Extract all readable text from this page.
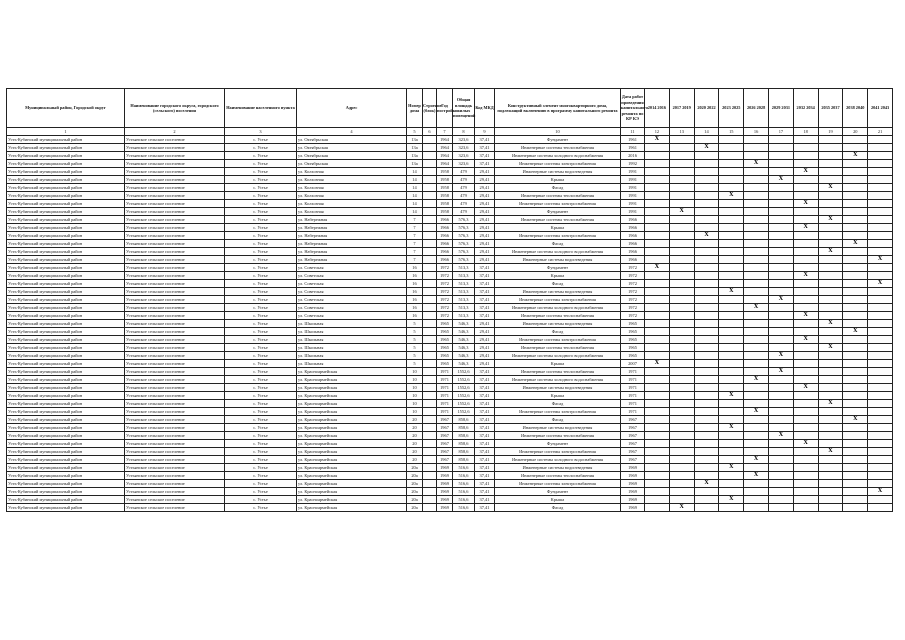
Муниципальный район, Городской округ	Наименование городского округа, городского (сельского) поселения	Наименование населенного пункта	Адрес	Номер дома	Строение (блок)	Год постройки	Общая площадь жилых помещений	Код МКД	Конструктивный элемент многоквартирного дома, подлежащий включению в программу капитального ремонта	Дата работ проведения капитального ремонта по КР КЭ	2014 2016	2017 2019	2020 2022	2023 2025	2026 2028	2029 2031	2032 2034	2035 2037	2038 2040	2041 2043
1	2	3	4	5	6	7	8	9	10	11	12	13	14	15	16	17	18	19	20	21
Усть-Кубинский муниципальный район	Устьянское сельское поселение	с. Устье	ул. Октябрьская	13а		1964	323,6	37,41	Фундамент	1961	X									
Усть-Кубинский муниципальный район	Устьянское сельское поселение	с. Устье	ул. Октябрьская	13а		1964	323,6	37,41	Инженерные системы теплоснабжения	1961			X							
Усть-Кубинский муниципальный район	Устьянское сельское поселение	с. Устье	ул. Октябрьская	13а		1964	323,6	37,41	Инженерные системы холодного водоснабжения	2016									X	
Усть-Кубинский муниципальный район	Устьянское сельское поселение	с. Устье	ул. Октябрьская	13а		1964	323,6	37,41	Инженерные системы электроснабжения	1992					X					
Усть-Кубинский муниципальный район	Устьянское сельское поселение	с. Устье	ул. Колхозная	14		1958	479	29,41	Инженерные системы водоотведения	1991							X			
Усть-Кубинский муниципальный район	Устьянское сельское поселение	с. Устье	ул. Колхозная	14		1958	479	29,41	Крыша	1991						X				
Усть-Кубинский муниципальный район	Устьянское сельское поселение	с. Устье	ул. Колхозная	14		1958	479	29,41	Фасад	1991								X		
Усть-Кубинский муниципальный район	Устьянское сельское поселение	с. Устье	ул. Колхозная	14		1958	479	29,41	Инженерные системы теплоснабжения	1991				X						
Усть-Кубинский муниципальный район	Устьянское сельское поселение	с. Устье	ул. Колхозная	14		1958	479	29,41	Инженерные системы электроснабжения	1991							X			
Усть-Кубинский муниципальный район	Устьянское сельское поселение	с. Устье	ул. Колхозная	14		1958	479	29,41	Фундамент	1991		X								
Усть-Кубинский муниципальный район	Устьянское сельское поселение	с. Устье	ул. Набережная	7		1966	576,3	29,41	Инженерные системы теплоснабжения	1966								X		
Усть-Кубинский муниципальный район	Устьянское сельское поселение	с. Устье	ул. Набережная	7		1966	576,3	29,41	Крыша	1966							X			
Усть-Кубинский муниципальный район	Устьянское сельское поселение	с. Устье	ул. Набережная	7		1966	576,3	29,41	Инженерные системы электроснабжения	1966			X							
Усть-Кубинский муниципальный район	Устьянское сельское поселение	с. Устье	ул. Набережная	7		1966	576,3	29,41	Фасад	1966									X	
Усть-Кубинский муниципальный район	Устьянское сельское поселение	с. Устье	ул. Набережная	7		1966	576,3	29,41	Инженерные системы холодного водоснабжения	1966								X		
Усть-Кубинский муниципальный район	Устьянское сельское поселение	с. Устье	ул. Набережная	7		1966	576,3	29,41	Инженерные системы водоотведения	1966										X
Усть-Кубинский муниципальный район	Устьянское сельское поселение	с. Устье	ул. Советская	16		1972	513,3	37,41	Фундамент	1972	X									
Усть-Кубинский муниципальный район	Устьянское сельское поселение	с. Устье	ул. Советская	16		1972	513,3	37,41	Крыша	1972							X			
Усть-Кубинский муниципальный район	Устьянское сельское поселение	с. Устье	ул. Советская	16		1972	513,3	37,41	Фасад	1972										X
Усть-Кубинский муниципальный район	Устьянское сельское поселение	с. Устье	ул. Советская	16		1972	513,3	37,41	Инженерные системы водоотведения	1972				X						
Усть-Кубинский муниципальный район	Устьянское сельское поселение	с. Устье	ул. Советская	16		1972	513,3	37,41	Инженерные системы электроснабжения	1972						X				
Усть-Кубинский муниципальный район	Устьянское сельское поселение	с. Устье	ул. Советская	16		1972	513,3	37,41	Инженерные системы холодного водоснабжения	1972					X					
Усть-Кубинский муниципальный район	Устьянское сельское поселение	с. Устье	ул. Советская	16		1972	513,3	37,41	Инженерные системы теплоснабжения	1972							X			
Усть-Кубинский муниципальный район	Устьянское сельское поселение	с. Устье	ул. Школьная	5		1965	546,3	29,41	Инженерные системы водоотведения	1965								X		
Усть-Кубинский муниципальный район	Устьянское сельское поселение	с. Устье	ул. Школьная	5		1965	546,3	29,41	Фасад	1965									X	
Усть-Кубинский муниципальный район	Устьянское сельское поселение	с. Устье	ул. Школьная	5		1965	546,3	29,41	Инженерные системы электроснабжения	1965							X			
Усть-Кубинский муниципальный район	Устьянское сельское поселение	с. Устье	ул. Школьная	5		1965	546,3	29,41	Инженерные системы теплоснабжения	1965								X		
Усть-Кубинский муниципальный район	Устьянское сельское поселение	с. Устье	ул. Школьная	5		1965	546,3	29,41	Инженерные системы холодного водоснабжения	1965						X				
Усть-Кубинский муниципальный район	Устьянское сельское поселение	с. Устье	ул. Школьная	5		1965	546,3	29,41	Крыша	2007	X									
Усть-Кубинский муниципальный район	Устьянское сельское поселение	с. Устье	ул. Красноармейская	10		1971	1552,6	37,41	Инженерные системы теплоснабжения	1971						X				
Усть-Кубинский муниципальный район	Устьянское сельское поселение	с. Устье	ул. Красноармейская	10		1971	1552,6	37,41	Инженерные системы холодного водоснабжения	1971					X					
Усть-Кубинский муниципальный район	Устьянское сельское поселение	с. Устье	ул. Красноармейская	10		1971	1552,6	37,41	Инженерные системы водоотведения	1971							X			
Усть-Кубинский муниципальный район	Устьянское сельское поселение	с. Устье	ул. Красноармейская	10		1971	1552,6	37,41	Крыша	1971				X						
Усть-Кубинский муниципальный район	Устьянское сельское поселение	с. Устье	ул. Красноармейская	10		1971	1552,6	37,41	Фасад	1971								X		
Усть-Кубинский муниципальный район	Устьянское сельское поселение	с. Устье	ул. Красноармейская	10		1971	1552,6	37,41	Инженерные системы электроснабжения	1971					X					
Усть-Кубинский муниципальный район	Устьянское сельское поселение	с. Устье	ул. Красноармейская	20		1967	858,6	37,41	Фасад	1967									X	
Усть-Кубинский муниципальный район	Устьянское сельское поселение	с. Устье	ул. Красноармейская	20		1967	858,6	37,41	Инженерные системы водоотведения	1967				X						
Усть-Кубинский муниципальный район	Устьянское сельское поселение	с. Устье	ул. Красноармейская	20		1967	858,6	37,41	Инженерные системы теплоснабжения	1967						X				
Усть-Кубинский муниципальный район	Устьянское сельское поселение	с. Устье	ул. Красноармейская	20		1967	858,6	37,41	Фундамент	1967							X			
Усть-Кубинский муниципальный район	Устьянское сельское поселение	с. Устье	ул. Красноармейская	20		1967	858,6	37,41	Инженерные системы электроснабжения	1967								X		
Усть-Кубинский муниципальный район	Устьянское сельское поселение	с. Устье	ул. Красноармейская	20		1967	858,6	37,41	Инженерные системы холодного водоснабжения	1967					X					
Усть-Кубинский муниципальный район	Устьянское сельское поселение	с. Устье	ул. Красноармейская	20а		1969	516,6	37,41	Инженерные системы водоотведения	1969				X						
Усть-Кубинский муниципальный район	Устьянское сельское поселение	с. Устье	ул. Красноармейская	20а		1969	516,6	37,41	Инженерные системы теплоснабжения	1969					X					
Усть-Кубинский муниципальный район	Устьянское сельское поселение	с. Устье	ул. Красноармейская	20а		1969	516,6	37,41	Инженерные системы электроснабжения	1969			X							
Усть-Кубинский муниципальный район	Устьянское сельское поселение	с. Устье	ул. Красноармейская	20а		1969	516,6	37,41	Фундамент	1969										X
Усть-Кубинский муниципальный район	Устьянское сельское поселение	с. Устье	ул. Красноармейская	20а		1969	516,6	37,41	Крыша	1969				X						
Усть-Кубинский муниципальный район	Устьянское сельское поселение	с. Устье	ул. Красноармейская	20а		1969	516,6	37,41	Фасад	1969		X								
